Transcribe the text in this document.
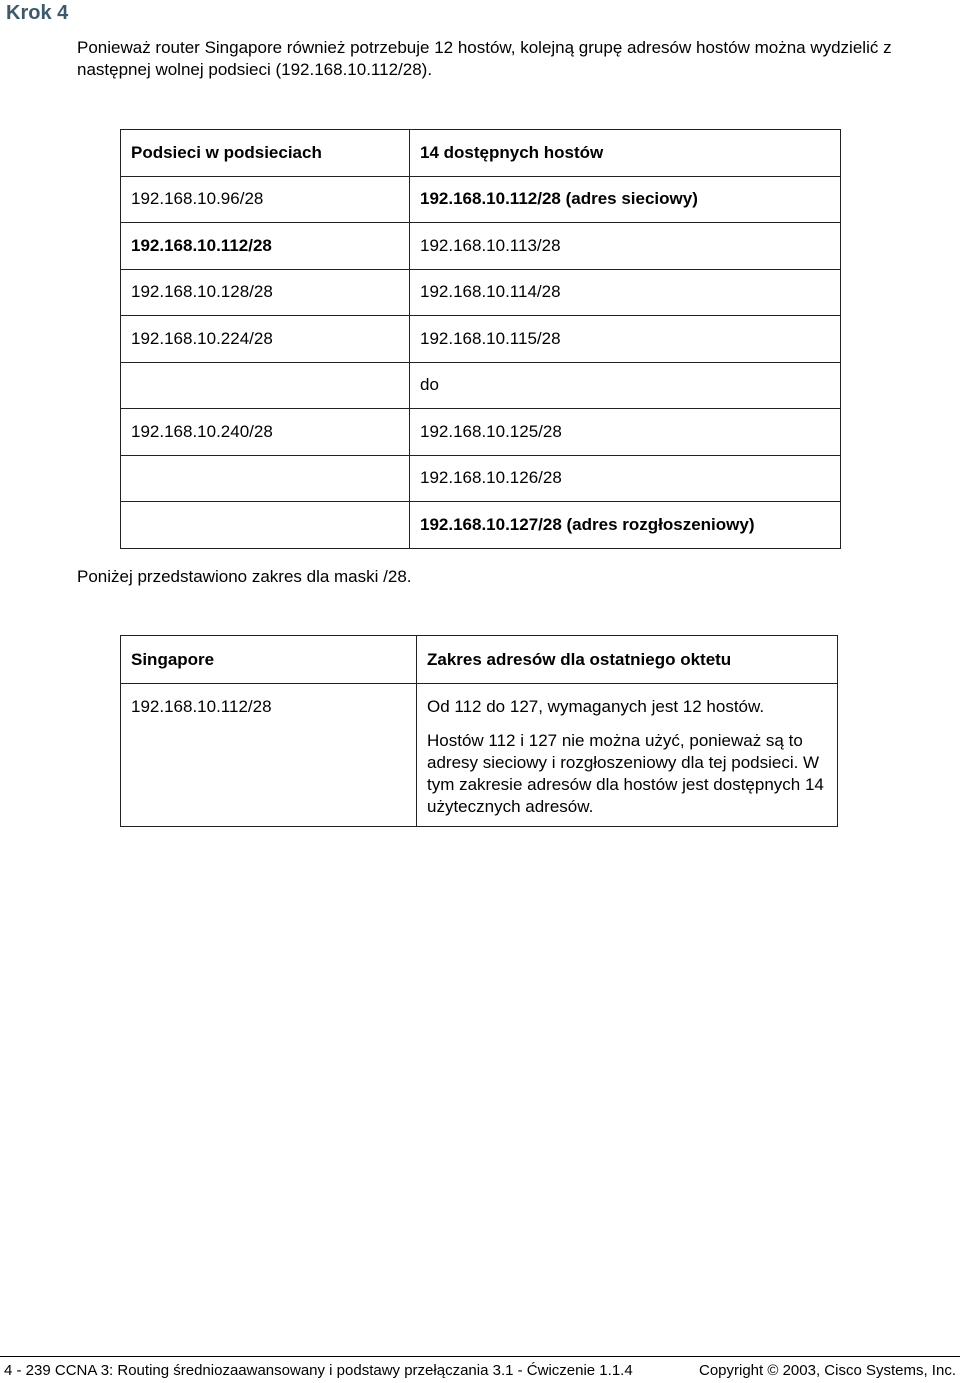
Krok 4
Ponieważ router Singapore również potrzebuje 12 hostów, kolejną grupę adresów hostów można wydzielić z następnej wolnej podsieci (192.168.10.112/28).
Podsieci w podsieciach	14 dostępnych hostów
192.168.10.96/28	192.168.10.112/28 (adres sieciowy)
192.168.10.112/28	192.168.10.113/28
192.168.10.128/28	192.168.10.114/28
192.168.10.224/28	192.168.10.115/28
	do
192.168.10.240/28	192.168.10.125/28
	192.168.10.126/28
	192.168.10.127/28 (adres rozgłoszeniowy)
Poniżej przedstawiono zakres dla maski /28.
Singapore	Zakres adresów dla ostatniego oktetu

192.168.10.112/28	Od 112 do 127, wymaganych jest 12 hostów.
Hostów 112 i 127 nie można użyć, ponieważ są to adresy sieciowy i rozgłoszeniowy dla tej podsieci. W tym zakresie adresów dla hostów jest dostępnych 14 użytecznych adresów.
4 - 239 CCNA 3: Routing średniozaawansowany i podstawy przełączania 3.1 - Ćwiczenie 1.1.4	Copyright © 2003, Cisco Systems, Inc.
